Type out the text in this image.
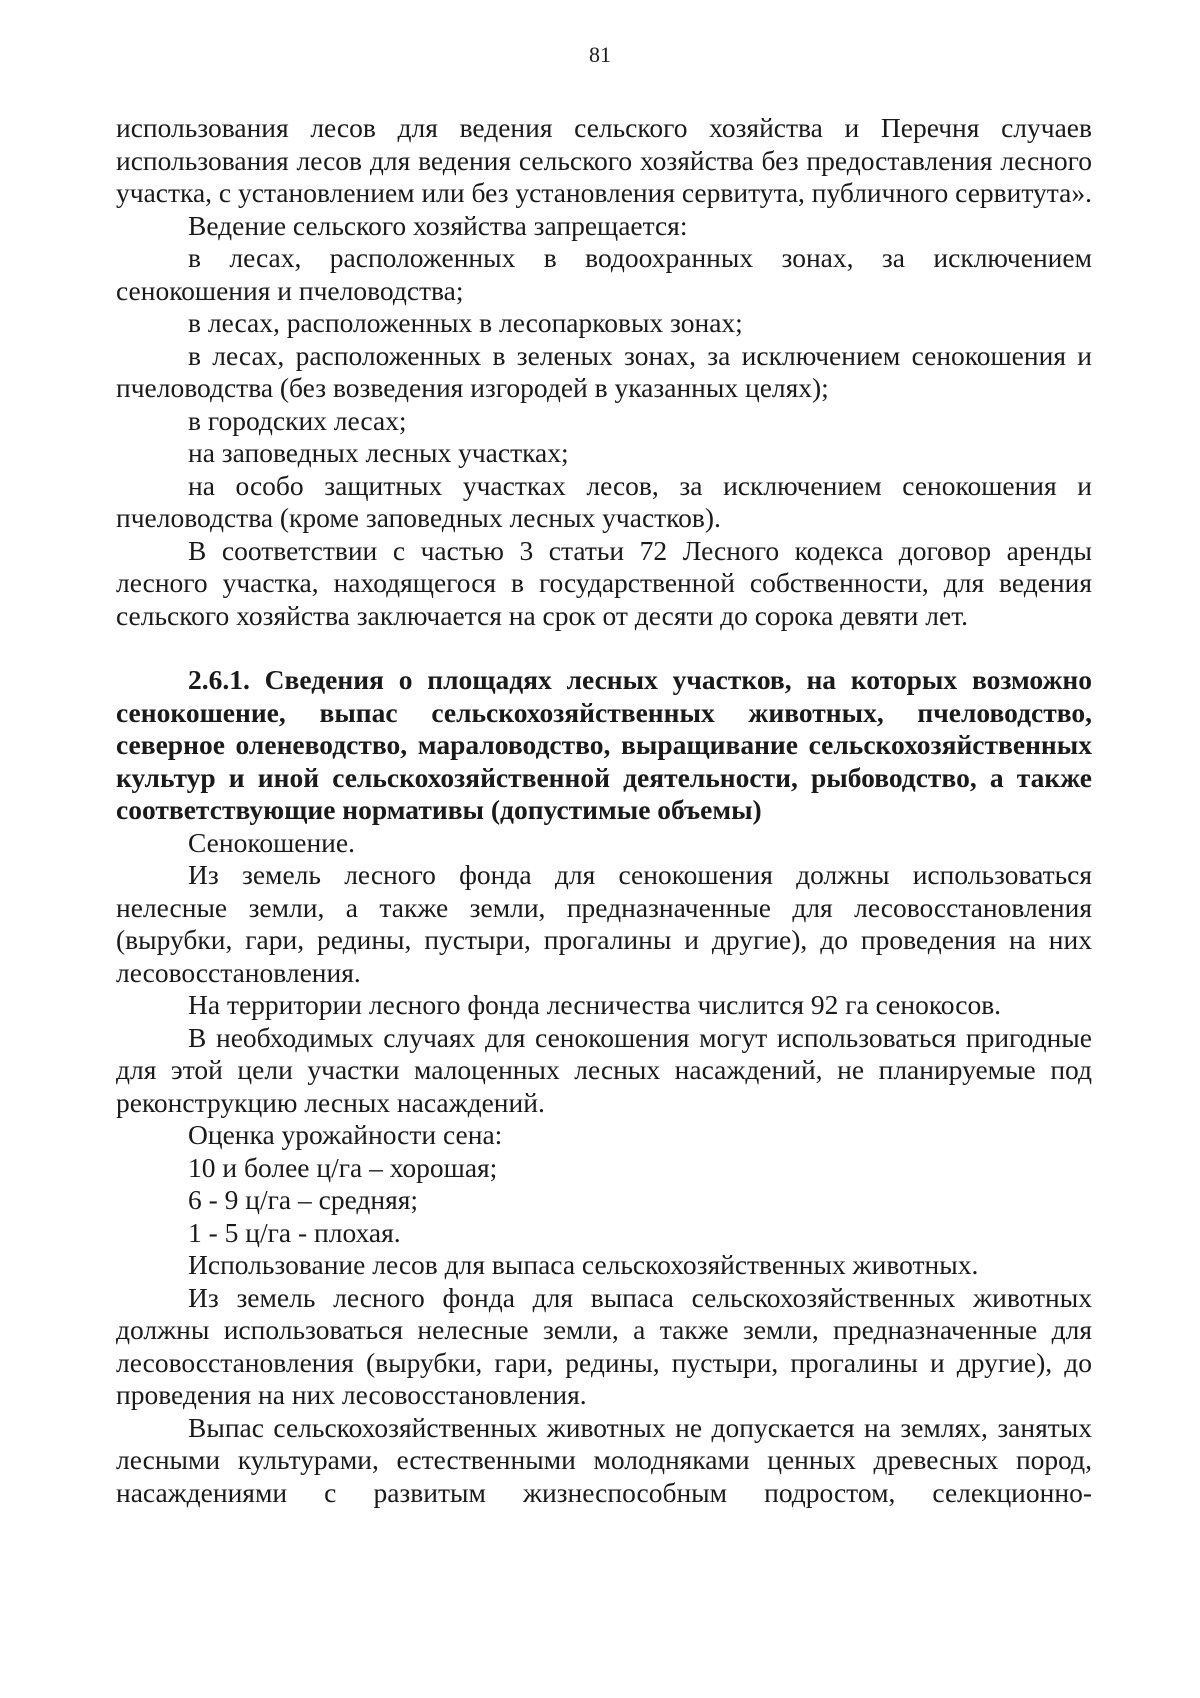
81

использования лесов для ведения сельского хозяйства и Перечня случаев использования лесов для ведения сельского хозяйства без предоставления лесного участка, с установлением или без установления сервитута, публичного сервитута».

Ведение сельского хозяйства запрещается:

в лесах, расположенных в водоохранных зонах, за исключением сенокошения и пчеловодства;

в лесах, расположенных в лесопарковых зонах;

в лесах, расположенных в зеленых зонах, за исключением сенокошения и пчеловодства (без возведения изгородей в указанных целях);

в городских лесах;

на заповедных лесных участках;

на особо защитных участках лесов, за исключением сенокошения и пчеловодства (кроме заповедных лесных участков).

В соответствии с частью 3 статьи 72 Лесного кодекса договор аренды лесного участка, находящегося в государственной собственности, для ведения сельского хозяйства заключается на срок от десяти до сорока девяти лет.

2.6.1. Сведения о площадях лесных участков, на которых возможно сенокошение, выпас сельскохозяйственных животных, пчеловодство, северное оленеводство, мараловодство, выращивание сельскохозяйственных культур и иной сельскохозяйственной деятельности, рыбоводство, а также соответствующие нормативы (допустимые объемы)

Сенокошение.

Из земель лесного фонда для сенокошения должны использоваться нелесные земли, а также земли, предназначенные для лесовосстановления (вырубки, гари, редины, пустыри, прогалины и другие), до проведения на них лесовосстановления.

На территории лесного фонда лесничества числится 92 га сенокосов.

В необходимых случаях для сенокошения могут использоваться пригодные для этой цели участки малоценных лесных насаждений, не планируемые под реконструкцию лесных насаждений.

Оценка урожайности сена:

10 и более ц/га – хорошая;

6 - 9 ц/га – средняя;

1 - 5 ц/га - плохая.

Использование лесов для выпаса сельскохозяйственных животных.

Из земель лесного фонда для выпаса сельскохозяйственных животных должны использоваться нелесные земли, а также земли, предназначенные для лесовосстановления (вырубки, гари, редины, пустыри, прогалины и другие), до проведения на них лесовосстановления.

Выпас сельскохозяйственных животных не допускается на землях, занятых лесными культурами, естественными молодняками ценных древесных пород, насаждениями с развитым жизнеспособным подростом, селекционно-
